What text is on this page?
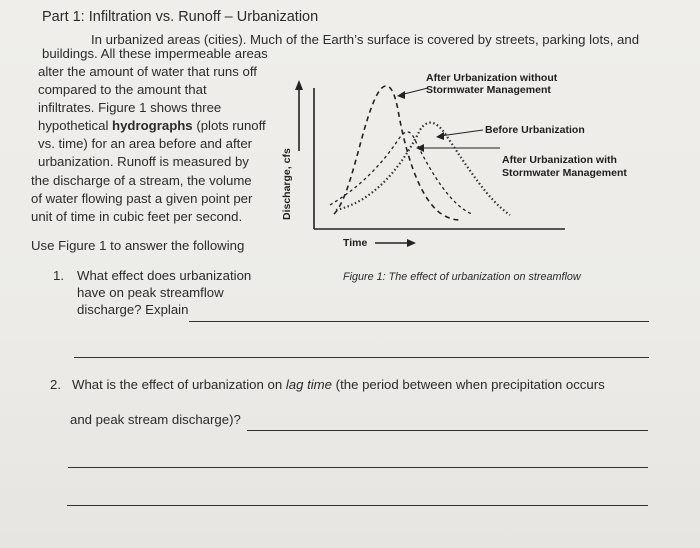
Part 1: Infiltration vs. Runoff – Urbanization
In urbanized areas (cities). Much of the Earth’s surface is covered by streets, parking lots, and
buildings. All these impermeable areas
alter the amount of water that runs off
compared to the amount that
infiltrates. Figure 1 shows three
hypothetical hydrographs (plots runoff
vs. time) for an area before and after
urbanization. Runoff is measured by
the discharge of a stream, the volume
of water flowing past a given point per
unit of time in cubic feet per second.
Use Figure 1 to answer the following
Discharge, cfs
Time
After Urbanization without
Stormwater Management
Before Urbanization
After Urbanization with
Stormwater Management
Figure 1: The effect of urbanization on streamflow
1. What effect does urbanization
have on peak streamflow
discharge? Explain
2. What is the effect of urbanization on lag time (the period between when precipitation occurs
and peak stream discharge)?
